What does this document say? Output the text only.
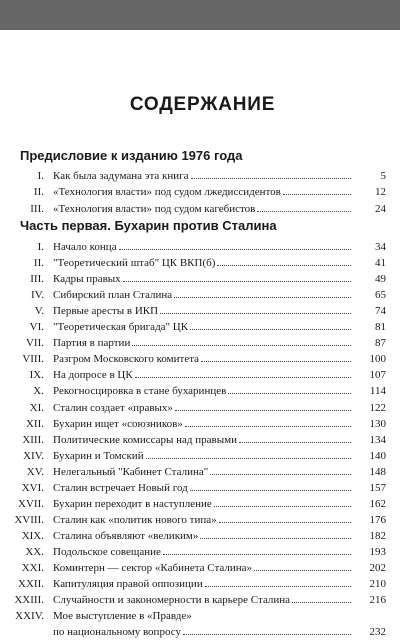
СОДЕРЖАНИЕ
Предисловие к изданию 1976 года
I. Как была задумана эта книга	5
II. «Технология власти» под судом лжедиссидентов	12
III. «Технология власти» под судом кагебистов	24
Часть первая. Бухарин против Сталина
I. Начало конца	34
II. "Теоретический штаб" ЦК ВКП(б)	41
III. Кадры правых	49
IV. Сибирский план Сталина	65
V. Первые аресты в ИКП	74
VI. "Теоретическая бригада" ЦК	81
VII. Партия в партии	87
VIII. Разгром Московского комитета	100
IX. На допросе в ЦК	107
X. Рекогносцировка в стане бухаринцев	114
XI. Сталин создает «правых»	122
XII. Бухарин ищет «союзников»	130
XIII. Политические комиссары над правыми	134
XIV. Бухарин и Томский	140
XV. Нелегальный "Кабинет Сталина"	148
XVI. Сталин встречает Новый год	157
XVII. Бухарин переходит в наступление	162
XVIII. Сталин как «политик нового типа»	176
XIX. Сталина объявляют «великим»	182
XX. Подольское совещание	193
XXI. Коминтерн — сектор «Кабинета Сталина»	202
XXII. Капитуляция правой оппозиции	210
XXIII. Случайности и закономерности в карьере Сталина	216
XXIV. Мое выступление в «Правде»
по национальному вопросу	232
